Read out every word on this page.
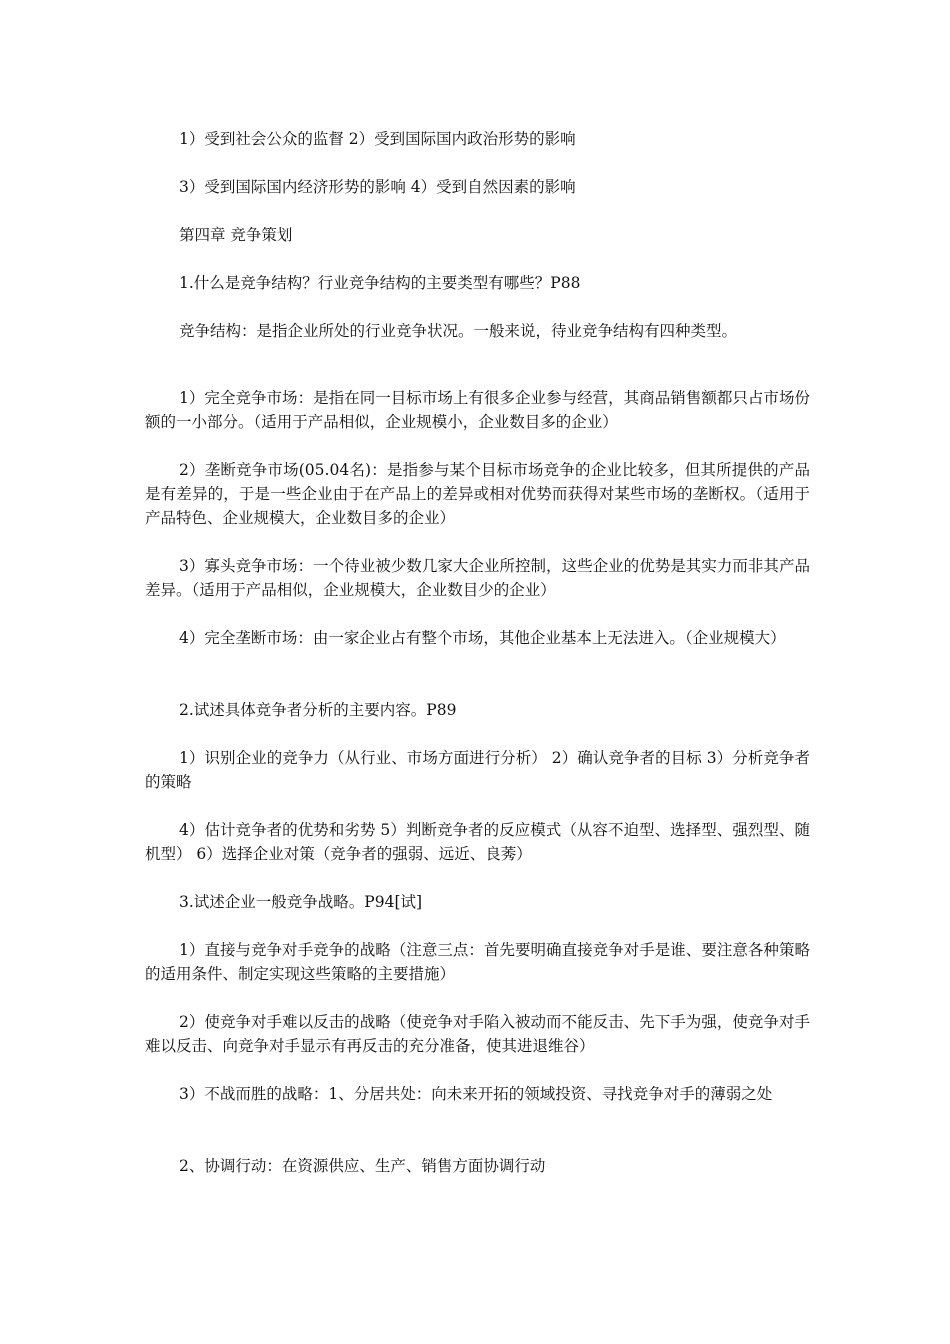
1）受到社会公众的监督 2）受到国际国内政治形势的影响

3）受到国际国内经济形势的影响 4）受到自然因素的影响

第四章 竞争策划

1.什么是竞争结构？行业竞争结构的主要类型有哪些？P88

竞争结构：是指企业所处的行业竞争状况。一般来说，待业竞争结构有四种类型。

1）完全竞争市场：是指在同一目标市场上有很多企业参与经营，其商品销售额都只占市场份额的一小部分。（适用于产品相似，企业规模小，企业数目多的企业）

2）垄断竞争市场(05.04名)：是指参与某个目标市场竞争的企业比较多，但其所提供的产品是有差异的，于是一些企业由于在产品上的差异或相对优势而获得对某些市场的垄断权。（适用于产品特色、企业规模大，企业数目多的企业）

3）寡头竞争市场：一个待业被少数几家大企业所控制，这些企业的优势是其实力而非其产品差异。（适用于产品相似，企业规模大，企业数目少的企业）

4）完全垄断市场：由一家企业占有整个市场，其他企业基本上无法进入。（企业规模大）

2.试述具体竞争者分析的主要内容。P89

1）识别企业的竞争力（从行业、市场方面进行分析） 2）确认竞争者的目标 3）分析竞争者的策略

4）估计竞争者的优势和劣势 5）判断竞争者的反应模式（从容不迫型、选择型、强烈型、随机型） 6）选择企业对策（竞争者的强弱、远近、良莠）

3.试述企业一般竞争战略。P94[试]

1）直接与竞争对手竞争的战略（注意三点：首先要明确直接竞争对手是谁、要注意各种策略的适用条件、制定实现这些策略的主要措施）

2）使竞争对手难以反击的战略（使竞争对手陷入被动而不能反击、先下手为强，使竞争对手难以反击、向竞争对手显示有再反击的充分准备，使其进退维谷）

3）不战而胜的战略：1、分居共处：向未来开拓的领域投资、寻找竞争对手的薄弱之处

2、协调行动：在资源供应、生产、销售方面协调行动
